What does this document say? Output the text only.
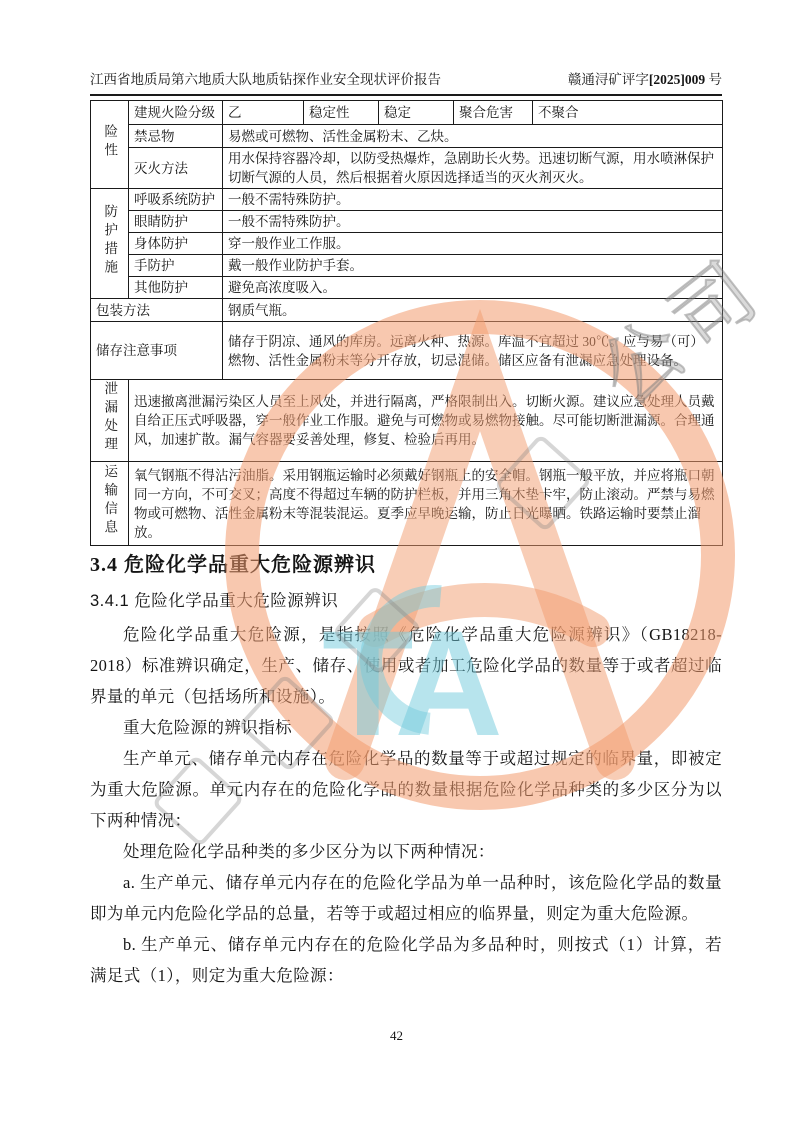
江西省地质局第六地质大队地质钻探作业安全现状评价报告	赣通浔矿评字[2025]009 号
险性	建规火险分级	乙	稳定性	稳定	聚合危害	不聚合
	禁忌物	易燃或可燃物、活性金属粉末、乙炔。				
	灭火方法	用水保持容器冷却，以防受热爆炸，急剧助长火势。迅速切断气源，用水喷淋保护切断气源的人员，然后根据着火原因选择适当的灭火剂灭火。				
防护措施	呼吸系统防护	一般不需特殊防护。				
	眼睛防护	一般不需特殊防护。				
	身体防护	穿一般作业工作服。				
	手防护	戴一般作业防护手套。				
	其他防护	避免高浓度吸入。				
包装方法		钢质气瓶。				
储存注意事项		储存于阴凉、通风的库房。远离火种、热源。库温不宜超过 30℃。应与易（可）燃物、活性金属粉末等分开存放，切忌混储。储区应备有泄漏应急处理设备。				
泄漏处理	迅速撤离泄漏污染区人员至上风处，并进行隔离，严格限制出入。切断火源。建议应急处理人员戴自给正压式呼吸器，穿一般作业工作服。避免与可燃物或易燃物接触。尽可能切断泄漏源。合理通风，加速扩散。漏气容器要妥善处理，修复、检验后再用。					
运输信息	氧气钢瓶不得沾污油脂。采用钢瓶运输时必须戴好钢瓶上的安全帽。钢瓶一般平放，并应将瓶口朝同一方向，不可交叉；高度不得超过车辆的防护栏板，并用三角木垫卡牢，防止滚动。严禁与易燃物或可燃物、活性金属粉末等混装混运。夏季应早晚运输，防止日光曝晒。铁路运输时要禁止溜放。					
3.4 危险化学品重大危险源辨识
3.4.1 危险化学品重大危险源辨识

危险化学品重大危险源，是指按照《危险化学品重大危险源辨识》（GB18218-2018）标准辨识确定，生产、储存、使用或者加工危险化学品的数量等于或者超过临界量的单元（包括场所和设施）。

重大危险源的辨识指标

生产单元、储存单元内存在危险化学品的数量等于或超过规定的临界量，即被定为重大危险源。单元内存在的危险化学品的数量根据危险化学品种类的多少区分为以下两种情况：

处理危险化学品种类的多少区分为以下两种情况：

a. 生产单元、储存单元内存在的危险化学品为单一品种时，该危险化学品的数量即为单元内危险化学品的总量，若等于或超过相应的临界量，则定为重大危险源。

b. 生产单元、储存单元内存在的危险化学品为多品种时，则按式（1）计算，若满足式（1），则定为重大危险源：

42
TA
公司
